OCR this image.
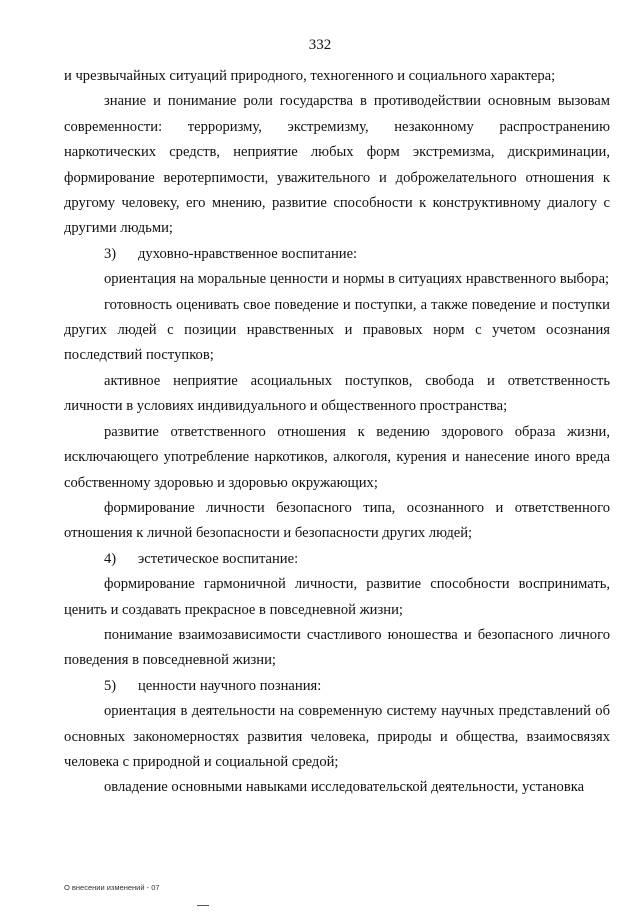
332

и чрезвычайных ситуаций природного, техногенного и социального характера;

знание и понимание роли государства в противодействии основным вызовам современности: терроризму, экстремизму, незаконному распространению наркотических средств, неприятие любых форм экстремизма, дискриминации, формирование веротерпимости, уважительного и доброжелательного отношения к другому человеку, его мнению, развитие способности к конструктивному диалогу с другими людьми;

3) духовно-нравственное воспитание:

ориентация на моральные ценности и нормы в ситуациях нравственного выбора;

готовность оценивать свое поведение и поступки, а также поведение и поступки других людей с позиции нравственных и правовых норм с учетом осознания последствий поступков;

активное неприятие асоциальных поступков, свобода и ответственность личности в условиях индивидуального и общественного пространства;

развитие ответственного отношения к ведению здорового образа жизни, исключающего употребление наркотиков, алкоголя, курения и нанесение иного вреда собственному здоровью и здоровью окружающих;

формирование личности безопасного типа, осознанного и ответственного отношения к личной безопасности и безопасности других людей;

4) эстетическое воспитание:

формирование гармоничной личности, развитие способности воспринимать, ценить и создавать прекрасное в повседневной жизни;

понимание взаимозависимости счастливого юношества и безопасного личного поведения в повседневной жизни;

5) ценности научного познания:

ориентация в деятельности на современную систему научных представлений об основных закономерностях развития человека, природы и общества, взаимосвязях человека с природной и социальной средой;

овладение основными навыками исследовательской деятельности, установка

О внесении изменений - 07
